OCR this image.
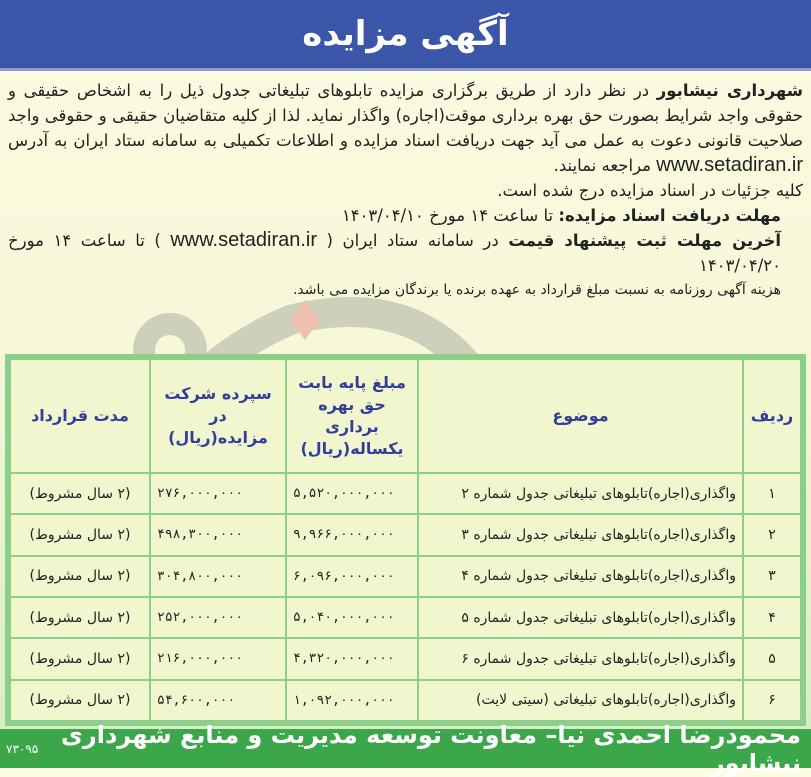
آگهی مزایده

شهرداری نیشابور در نظر دارد از طریق برگزاری مزایده تابلوهای تبلیغاتی جدول ذیل را به اشخاص حقیقی و حقوقی واجد شرایط بصورت حق بهره برداری موقت(اجاره) واگذار نماید. لذا از کلیه متقاضیان حقیقی و حقوقی واجد صلاحیت قانونی دعوت به عمل می آید جهت دریافت اسناد مزایده و اطلاعات تکمیلی به سامانه ستاد ایران به آدرس www.setadiran.ir مراجعه نمایند.

کلیه جزئیات در اسناد مزایده درج شده است.

مهلت دریافت اسناد مزایده: تا ساعت ۱۴ مورخ ۱۴۰۳/۰۴/۱۰

آخرین مهلت ثبت پیشنهاد قیمت در سامانه ستاد ایران ( www.setadiran.ir ) تا ساعت ۱۴ مورخ ۱۴۰۳/۰۴/۲۰

هزینه آگهی روزنامه به نسبت مبلغ قرارداد به عهده برنده یا برندگان مزایده می باشد.

ردیف	موضوع	مبلغ پایه بابت حق بهره برداری یکساله(ریال)	سپرده شرکت در مزایده(ریال)	مدت قرارداد
۱	واگذاری(اجاره)تابلوهای تبلیغاتی جدول شماره ۲	۵,۵۲۰,۰۰۰,۰۰۰	۲۷۶,۰۰۰,۰۰۰	(۲ سال مشروط)
۲	واگذاری(اجاره)تابلوهای تبلیغاتی جدول شماره ۳	۹,۹۶۶,۰۰۰,۰۰۰	۴۹۸,۳۰۰,۰۰۰	(۲ سال مشروط)
۳	واگذاری(اجاره)تابلوهای تبلیغاتی جدول شماره ۴	۶,۰۹۶,۰۰۰,۰۰۰	۳۰۴,۸۰۰,۰۰۰	(۲ سال مشروط)
۴	واگذاری(اجاره)تابلوهای تبلیغاتی جدول شماره ۵	۵,۰۴۰,۰۰۰,۰۰۰	۲۵۲,۰۰۰,۰۰۰	(۲ سال مشروط)
۵	واگذاری(اجاره)تابلوهای تبلیغاتی جدول شماره ۶	۴,۳۲۰,۰۰۰,۰۰۰	۲۱۶,۰۰۰,۰۰۰	(۲ سال مشروط)
۶	واگذاری(اجاره)تابلوهای تبلیغاتی (سیتی لایت)	۱,۰۹۲,۰۰۰,۰۰۰	۵۴,۶۰۰,۰۰۰	(۲ سال مشروط)
محمودرضا احمدی نیا– معاونت توسعه مدیریت و منابع شهرداری نیشابور
۷۳۰۹۵
